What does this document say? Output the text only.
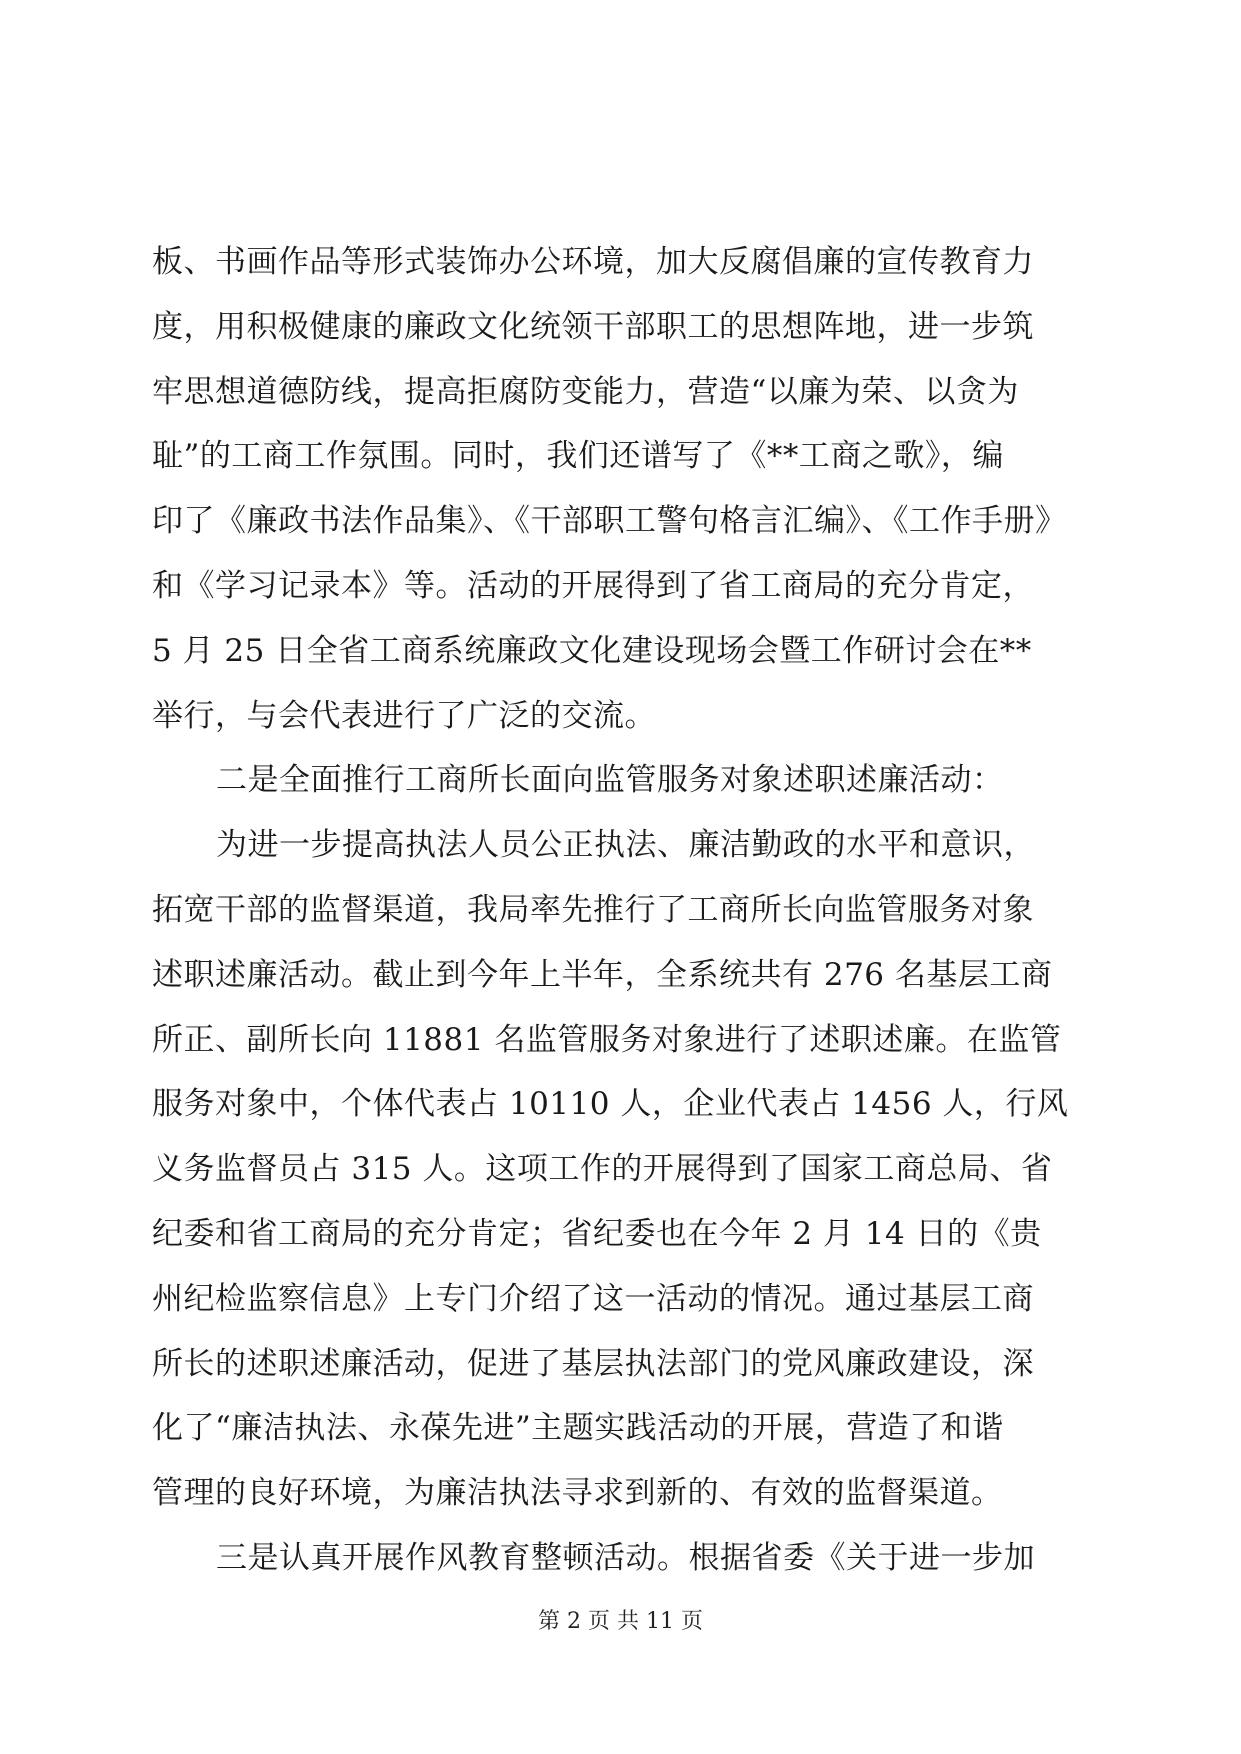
板、书画作品等形式装饰办公环境，加大反腐倡廉的宣传教育力
度，用积极健康的廉政文化统领干部职工的思想阵地，进一步筑
牢思想道德防线，提高拒腐防变能力，营造“以廉为荣、以贪为
耻”的工商工作氛围。同时，我们还谱写了《**工商之歌》，编
印了《廉政书法作品集》、《干部职工警句格言汇编》、《工作手册》
和《学习记录本》等。活动的开展得到了省工商局的充分肯定，
5 月 25 日全省工商系统廉政文化建设现场会暨工作研讨会在**
举行，与会代表进行了广泛的交流。
二是全面推行工商所长面向监管服务对象述职述廉活动：
为进一步提高执法人员公正执法、廉洁勤政的水平和意识，
拓宽干部的监督渠道，我局率先推行了工商所长向监管服务对象
述职述廉活动。截止到今年上半年，全系统共有 276 名基层工商
所正、副所长向 11881 名监管服务对象进行了述职述廉。在监管
服务对象中，个体代表占 10110 人，企业代表占 1456 人，行风
义务监督员占 315 人。这项工作的开展得到了国家工商总局、省
纪委和省工商局的充分肯定；省纪委也在今年 2 月 14 日的《贵
州纪检监察信息》上专门介绍了这一活动的情况。通过基层工商
所长的述职述廉活动，促进了基层执法部门的党风廉政建设，深
化了“廉洁执法、永葆先进”主题实践活动的开展，营造了和谐
管理的良好环境，为廉洁执法寻求到新的、有效的监督渠道。
三是认真开展作风教育整顿活动。根据省委《关于进一步加
第 2 页 共 11 页
